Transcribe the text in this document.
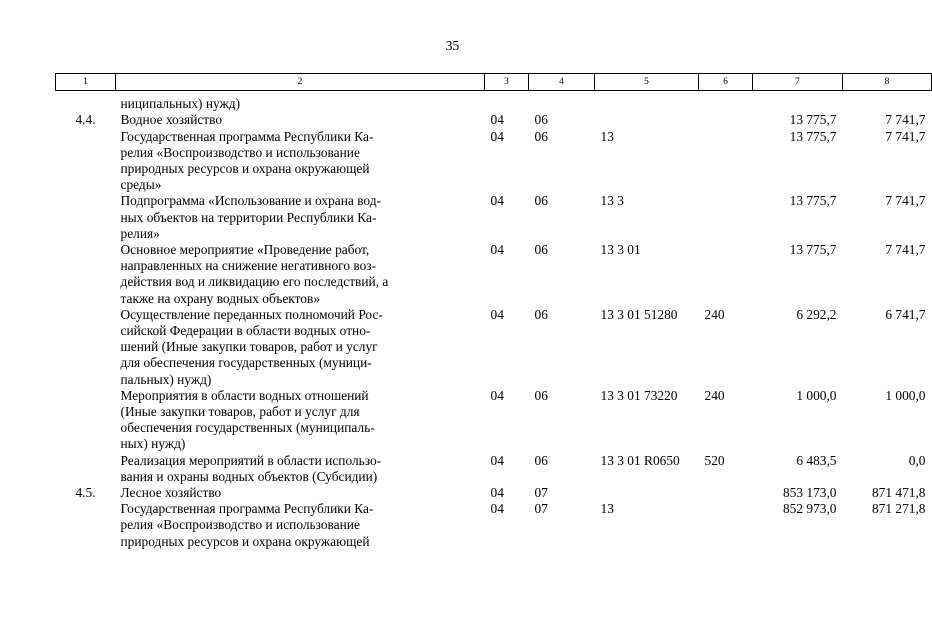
35
1	2	3	4	5	6	7	8

	ниципальных) нужд)						

4.4.	Водное хозяйство	04	06			13 775,7	7 741,7

	Государственная программа Республики Ка-
релия «Воспроизводство и использование
природных ресурсов и охрана окружающей
среды»	04	06	13		13 775,7	7 741,7

	Подпрограмма «Использование и охрана вод-
ных объектов на территории Республики Ка-
релия»	04	06	13 3		13 775,7	7 741,7

	Основное мероприятие «Проведение работ,
направленных на снижение негативного воз-
действия вод и ликвидацию его последствий, а
также на охрану водных объектов»	04	06	13 3 01		13 775,7	7 741,7

	Осуществление переданных полномочий Рос-
сийской Федерации в области водных отно-
шений (Иные закупки товаров, работ и услуг
для обеспечения государственных (муници-
пальных) нужд)	04	06	13 3 01 51280	240	6 292,2	6 741,7

	Мероприятия в области водных отношений
(Иные закупки товаров, работ и услуг для
обеспечения государственных (муниципаль-
ных) нужд)	04	06	13 3 01 73220	240	1 000,0	1 000,0

	Реализация мероприятий в области использо-
вания и охраны водных объектов (Субсидии)	04	06	13 3 01 R0650	520	6 483,5	0,0
4.5.	Лесное хозяйство	04	07			853 173,0	871 471,8

	Государственная программа Республики Ка-
релия «Воспроизводство и использование
природных ресурсов и охрана окружающей	04	07	13		852 973,0	871 271,8
